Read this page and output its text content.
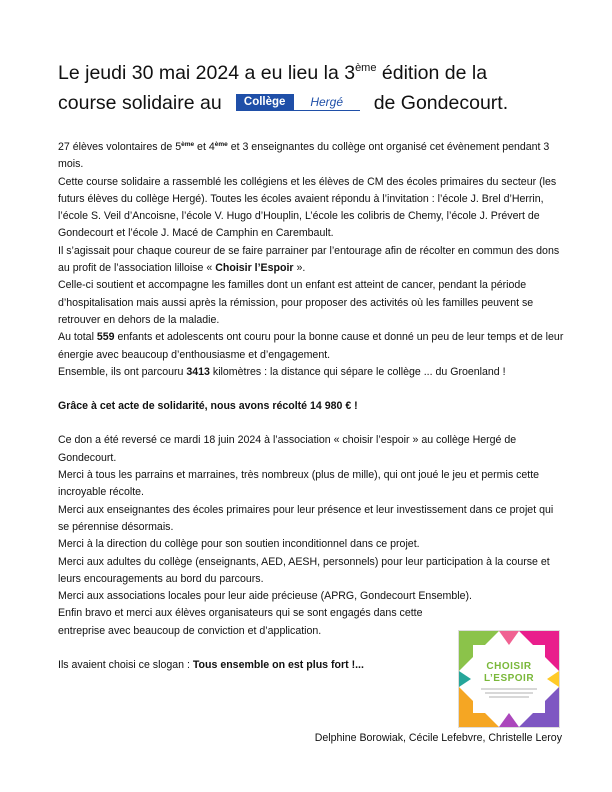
Le jeudi 30 mai 2024 a eu lieu la 3ème édition de la
course solidaire au	Collège	Hergé	de Gondecourt.

27 élèves volontaires de 5ème et 4ème et 3 enseignantes du collège ont organisé cet évènement pendant 3 mois.

Cette course solidaire a rassemblé les collégiens et les élèves de CM des écoles primaires du secteur (les futurs élèves du collège Hergé). Toutes les écoles avaient répondu à l’invitation : l’école J. Brel d’Herrin, l’école S. Veil d’Ancoisne, l’école V. Hugo d’Houplin, L’école les colibris de Chemy, l’école J. Prévert de Gondecourt et l’école J. Macé de Camphin en Carembault.

Il s’agissait pour chaque coureur de se faire parrainer par l’entourage afin de récolter en commun des dons au profit de l’association lilloise « Choisir l’Espoir ».

Celle-ci soutient et accompagne les familles dont un enfant est atteint de cancer, pendant la période d’hospitalisation mais aussi après la rémission, pour proposer des activités où les familles peuvent se retrouver en dehors de la maladie.

Au total 559 enfants et adolescents ont couru pour la bonne cause et donné un peu de leur temps et de leur énergie avec beaucoup d’enthousiasme et d’engagement.

Ensemble, ils ont parcouru 3413 kilomètres : la distance qui sépare le collège ... du Groenland !

Grâce à cet acte de solidarité, nous avons récolté 14 980 € !

Ce don a été reversé ce mardi 18 juin 2024 à l’association « choisir l’espoir » au collège Hergé de Gondecourt.

Merci à tous les parrains et marraines, très nombreux (plus de mille), qui ont joué le jeu et permis cette incroyable récolte.

Merci aux enseignantes des écoles primaires pour leur présence et leur investissement dans ce projet qui se pérennise désormais.

Merci à la direction du collège pour son soutien inconditionnel dans ce projet.

Merci aux adultes du collège (enseignants, AED, AESH, personnels) pour leur participation à la course et leurs encouragements au bord du parcours.

Merci aux associations locales pour leur aide précieuse (APRG, Gondecourt Ensemble).

Enfin bravo et merci aux élèves organisateurs qui se sont engagés dans cette entreprise avec beaucoup de conviction et d’application.

Ils avaient choisi ce slogan : Tous ensemble on est plus fort !...	CHOISIR
L’ESPOIR
Delphine Borowiak, Cécile Lefebvre, Christelle Leroy
